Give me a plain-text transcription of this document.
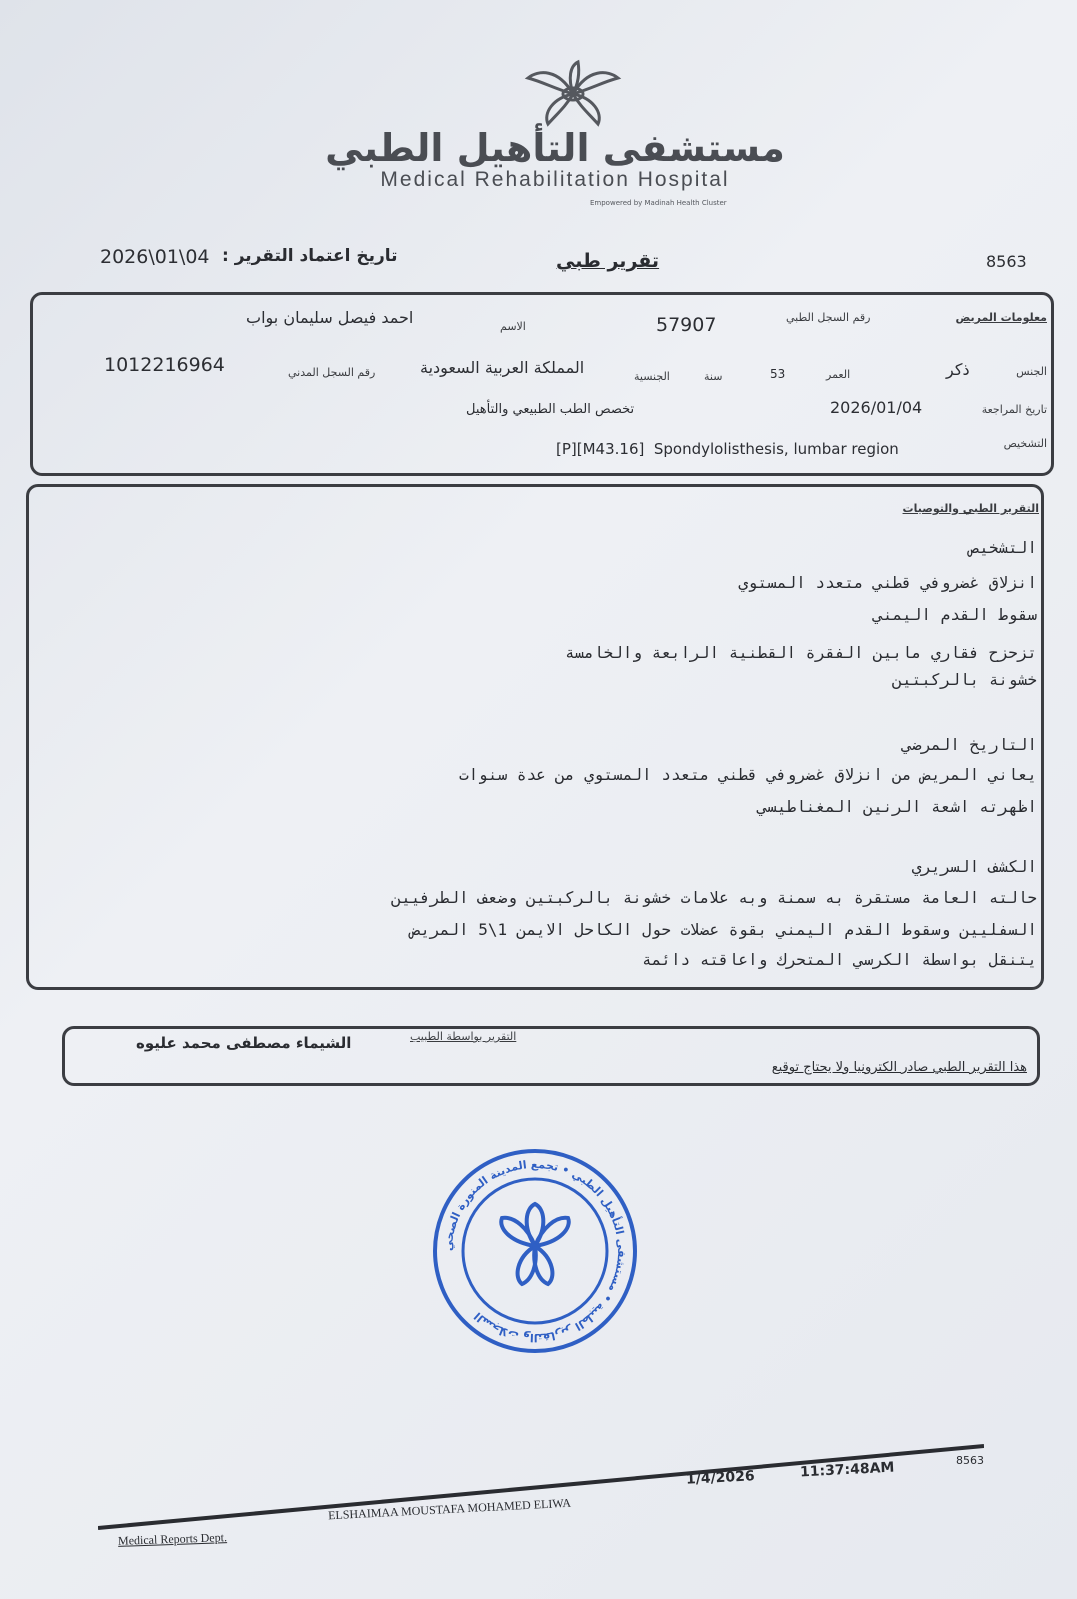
مستشفى التأهيل الطبي
Medical Rehabilitation Hospital
Empowered by Madinah Health Cluster
2026\01\04 تاريخ اعتماد التقرير :	تقرير طبي	8563
معلومات المريض
رقم السجل الطبي
57907
الاسم
احمد فيصل سليمان بواب
الجنس
ذكر
العمر
53
سنة
الجنسية
المملكة العربية السعودية
رقم السجل المدني
1012216964
تاريخ المراجعة
2026/01/04
تخصص الطب الطبيعي والتأهيل
التشخيص
[P][M43.16]  Spondylolisthesis, lumbar region
التقرير الطبي والتوصيات
التشخيص
انزلاق غضروفي قطني متعدد المستوي
سقوط القدم اليمني
تزحزح فقاري مابين الفقرة القطنية الرابعة والخامسة
خشونة بالركبتين
التاريخ المرضي
يعاني المريض من انزلاق غضروفي قطني متعدد المستوي من عدة سنوات
اظهرته اشعة الرنين المغناطيسي
الكشف السريري
حالته العامة مستقرة به سمنة وبه علامات خشونة بالركبتين وضعف الطرفيين
السفليين وسقوط القدم اليمني بقوة عضلات حول الكاحل الايمن 1\5 المريض
يتنقل بواسطة الكرسي المتحرك واعاقته دائمة
التقرير بواسطة الطبيب
الشيماء مصطفى محمد عليوه
هذا التقرير الطبي صادر الكترونيا ولا يحتاج توقيع
السجلات والتقارير الطبية • مستشفى التأهيل الطبي • تجمع المدينة المنورة الصحي
Medical Reports Dept.
ELSHAIMAA MOUSTAFA MOHAMED ELIWA
1/4/2026	11:37:48AM	8563
